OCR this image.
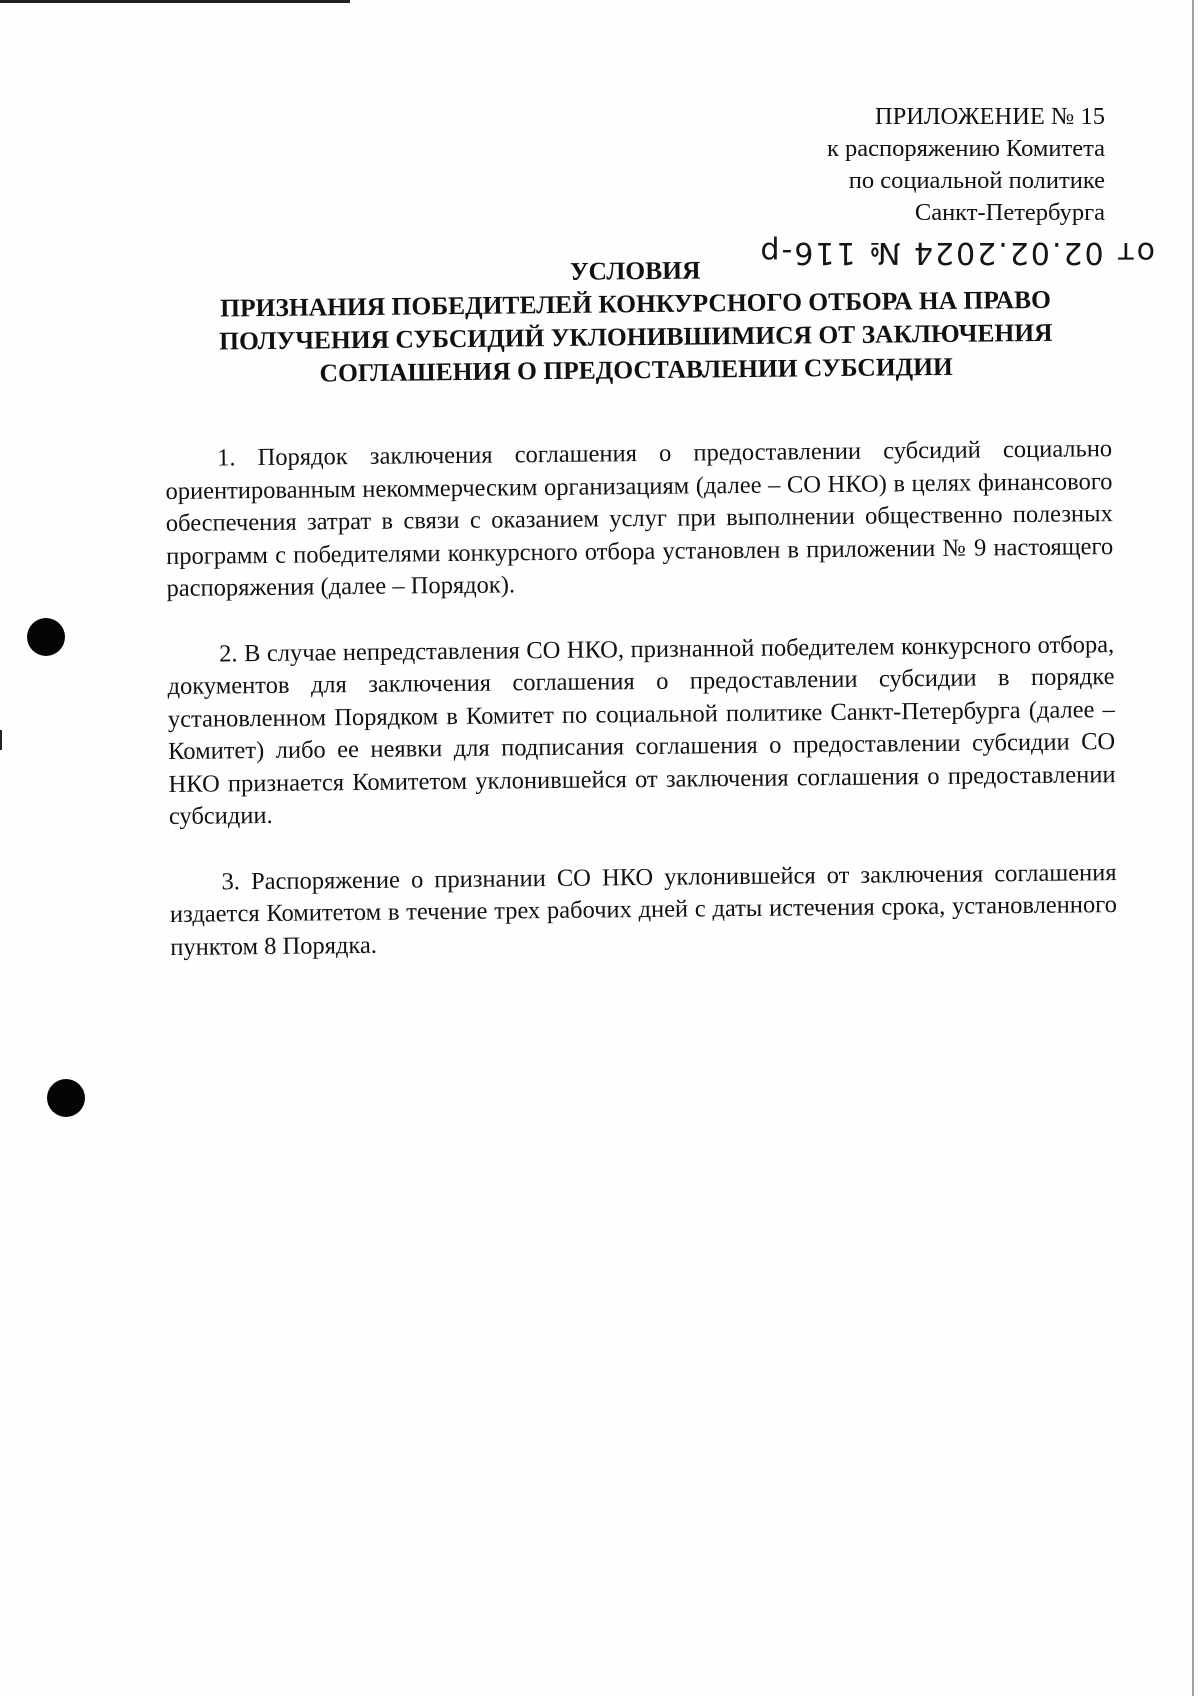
ПРИЛОЖЕНИЕ № 15
к распоряжению Комитета
по социальной политике
Санкт-Петербурга
от 02.02.2024 № 116-р
УСЛОВИЯ
ПРИЗНАНИЯ ПОБЕДИТЕЛЕЙ КОНКУРСНОГО ОТБОРА НА ПРАВО
ПОЛУЧЕНИЯ СУБСИДИЙ УКЛОНИВШИМИСЯ ОТ ЗАКЛЮЧЕНИЯ
СОГЛАШЕНИЯ О ПРЕДОСТАВЛЕНИИ СУБСИДИИ

1. Порядок заключения соглашения о предоставлении субсидий социально ориентированным некоммерческим организациям (далее – СО НКО) в целях финансового обеспечения затрат в связи с оказанием услуг при выполнении общественно полезных программ с победителями конкурсного отбора установлен в приложении № 9 настоящего распоряжения (далее – Порядок).

2. В случае непредставления СО НКО, признанной победителем конкурсного отбора, документов для заключения соглашения о предоставлении субсидии в порядке установленном Порядком в Комитет по социальной политике Санкт-Петербурга (далее – Комитет) либо ее неявки для подписания соглашения о предоставлении субсидии СО НКО признается Комитетом уклонившейся от заключения соглашения о предоставлении субсидии.

3. Распоряжение о признании СО НКО уклонившейся от заключения соглашения издается Комитетом в течение трех рабочих дней с даты истечения срока, установленного пунктом 8 Порядка.
